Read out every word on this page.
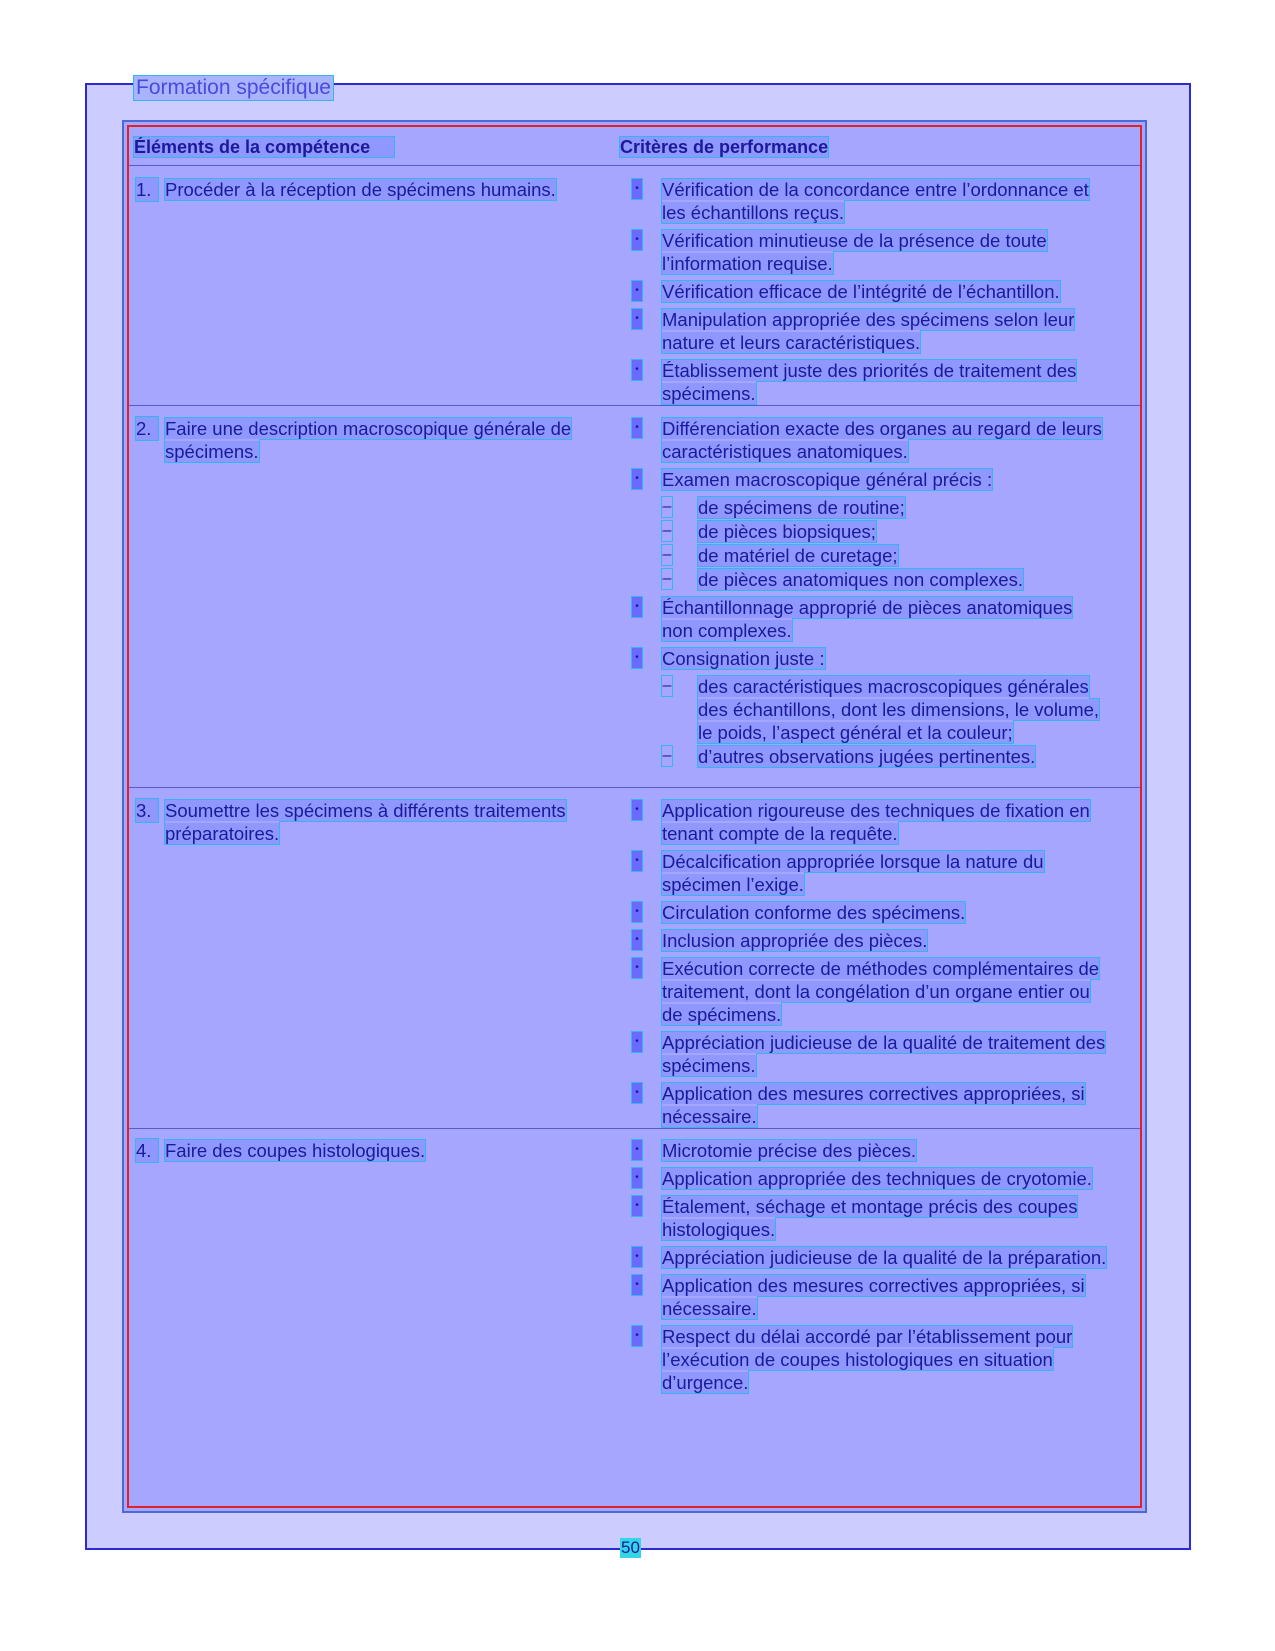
Formation spécifique
Éléments de la compétence	Critères de performance
1. Procéder à la réception de spécimens humains.	• Vérification de la concordance entre l’ordonnance et les échantillons reçus.
• Vérification minutieuse de la présence de toute l’information requise.
• Vérification efficace de l’intégrité de l’échantillon.
• Manipulation appropriée des spécimens selon leur nature et leurs caractéristiques.
• Établissement juste des priorités de traitement des spécimens.
2. Faire une description macroscopique générale de spécimens.
• Différenciation exacte des organes au regard de leurs caractéristiques anatomiques.
• Examen macroscopique général précis :
– de spécimens de routine;
– de pièces biopsiques;
– de matériel de curetage;
– de pièces anatomiques non complexes.
• Échantillonnage approprié de pièces anatomiques non complexes.
• Consignation juste :
– des caractéristiques macroscopiques générales des échantillons, dont les dimensions, le volume, le poids, l’aspect général et la couleur;
– d’autres observations jugées pertinentes.
3. Soumettre les spécimens à différents traitements préparatoires.
• Application rigoureuse des techniques de fixation en tenant compte de la requête.
• Décalcification appropriée lorsque la nature du spécimen l’exige.
• Circulation conforme des spécimens.
• Inclusion appropriée des pièces.
• Exécution correcte de méthodes complémentaires de traitement, dont la congélation d’un organe entier ou de spécimens.
• Appréciation judicieuse de la qualité de traitement des spécimens.
• Application des mesures correctives appropriées, si nécessaire.
4. Faire des coupes histologiques.	• Microtomie précise des pièces.
• Application appropriée des techniques de cryotomie.
• Étalement, séchage et montage précis des coupes histologiques.
• Appréciation judicieuse de la qualité de la préparation.
• Application des mesures correctives appropriées, si nécessaire.
• Respect du délai accordé par l’établissement pour l’exécution de coupes histologiques en situation d’urgence.
50
